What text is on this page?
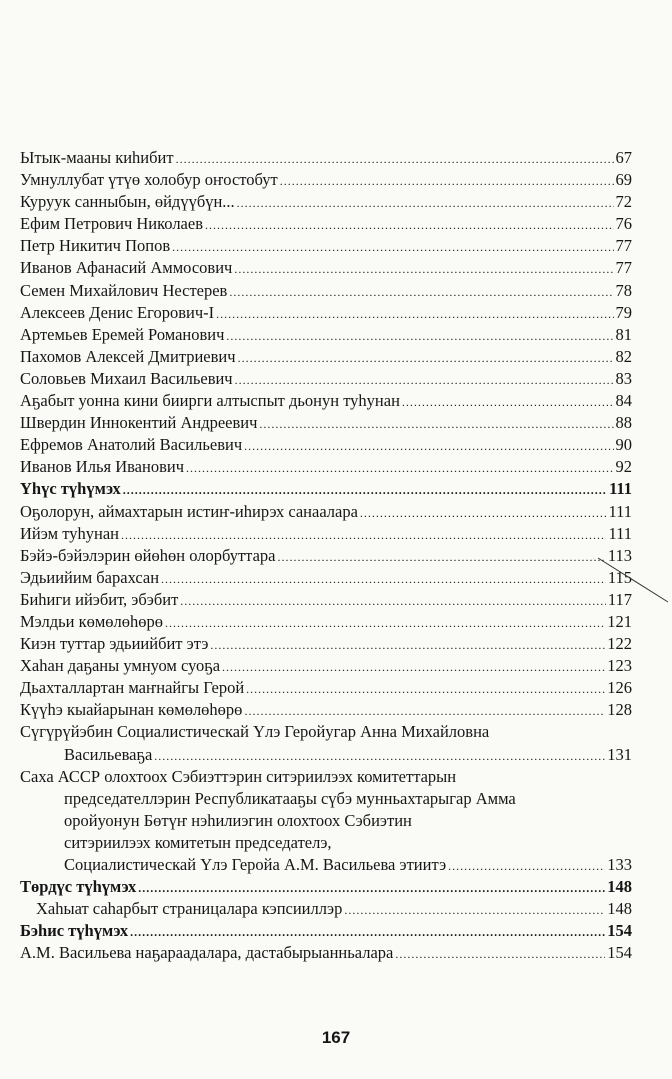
Ытык-мааны киһибит .....	67
Умнуллубат үтүө холобур оҥостобут .....	69
Куруук санныбын, өйдүүбүн... .....	72
Ефим Петрович Николаев .....	76
Петр Никитич Попов .....	77
Иванов Афанасий Аммосович .....	77
Семен Михайлович Нестерев .....	78
Алексеев Денис Егорович-I .....	79
Артемьев Еремей Романович .....	81
Пахомов Алексей Дмитриевич .....	82
Соловьев Михаил Васильевич .....	83
Аҕабыт уонна кини биирги алтыспыт дьонун туһунан .....	84
Швердин Иннокентий Андреевич .....	88
Ефремов Анатолий Васильевич .....	90
Иванов Илья Иванович .....	92
Үһүс түһүмэх .....	111
Оҕолорун, аймахтарын истиҥ-иһирэх санаалара .....	111
Ийэм туһунан .....	111
Бэйэ-бэйэлэрин өйөһөн олорбуттара .....	113
Эдьиийим барахсан .....	115
Биһиги ийэбит, эбэбит .....	117
Мэлдьи көмөлөһөрө .....	121
Киэн туттар эдьиийбит этэ .....	122
Хаһан даҕаны умнуом суоҕа .....	123
Дьахталлартан маҥнайгы Герой .....	126
Күүһэ кыайарынан көмөлөһөрө .....	128
Сүгүрүйэбин Социалистическай Үлэ Геройугар Анна Михайловна
Васильеваҕа .....	131
Саха АССР олохтоох Сэбиэттэрин ситэриилээх комитеттарын
председателлэрин Республикатааҕы сүбэ мунньахтарыгар Амма
оройуонун Бөтүҥ нэһилиэгин олохтоох Сэбиэтин
ситэриилээх комитетын председателэ,
Социалистическай Үлэ Геройа А.М. Васильева этиитэ .....	133
Төрдүс түһүмэх .....	148
Хаһыат саһарбыт страницалара кэпсииллэр .....	148
Бэһис түһүмэх .....	154
А.М. Васильева наҕараадалара, дастабырыанньалара .....	154
167
